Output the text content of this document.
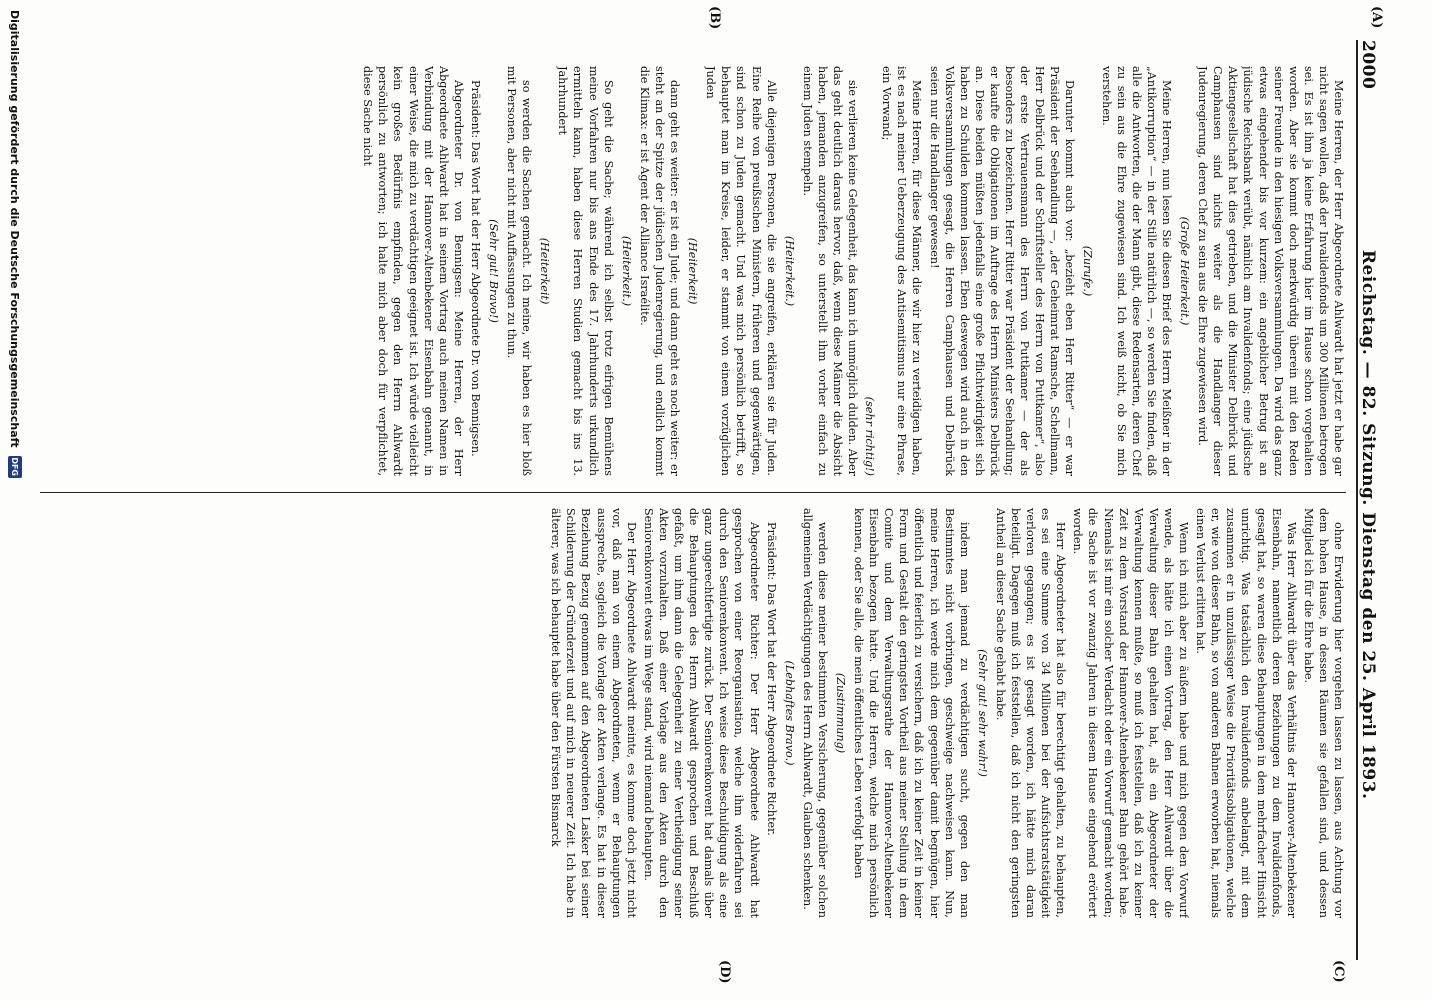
2000
Reichstag. — 82. Sitzung. Dienstag den 25. April 1893.
(A)
(C)
(B)
(D)

Meine Herren, der Herr Abgeordnete Ahlwardt hat jetzt er habe gar nicht sagen wollen, daß der Invalidenfonds um 300 Millionen betrogen sei. Es ist ihm ja keine Erfahrung hier im Hause schon vorgehalten worden. Aber sie kommt doch merkwürdig überein mit den Reden seiner Freunde in den hiesigen Volksversammlungen. Da wird das ganz etwas eingehender bis vor kurzem: ein angeblicher Betrug ist an jüdische Reichsbank verübt, nämlich am Invalidenfonds; eine jüdische Aktiengesellschaft hat dies getrieben, und die Minister Delbrück und Camphausen sind nichts weiter als die Handlanger dieser Judenregierung, deren Chef zu sein aus die Ehre zugewiesen wird.

(Große Heiterkeit.)

Meine Herren, nun lesen Sie diesen Brief des Herrn Meißner in der „Antikorruption“ — in der Stille natürlich —, so werden Sie finden, daß alle die Antworten, die der Mann gibt, diese Redensarten, deren Chef zu sein aus die Ehre zugewiesen sind. Ich weiß nicht, ob Sie mich verstehen.

(Zurufe.)

Darunter kommt auch vor: „bezieht eben Herr Ritter“ — er war Präsident der Seehandlung —, „der Geheimrat Ramsche, Schellmann, Herr Delbrück und der Schriftsteller des Herrn von Puttkamer“, also der erste Vertrauensmann des Herrn von Puttkamer — der als besonders zu bezeichnen. Herr Ritter war Präsident der Seehandlung; er kaufte die Obligationen im Auftrage des Herrn Ministers Delbrück an. Diese beiden müßten jedenfalls eine große Pflichtwidrigkeit sich haben zu Schulden kommen lassen. Eben deswegen wird auch in den Volksversammlungen gesagt, die Herren Camphausen und Delbrück seien nur die Handlanger gewesen!

Meine Herren, für diese Männer, die wir hier zu verteidigen haben, ist es nach meiner Ueberzeugung des Antisemitismus nur eine Phrase, ein Vorwand;

(sehr richtig!)

sie verlieren keine Gelegenheit, das kann ich unmöglich dulden. Aber das geht deutlich daraus hervor, daß, wenn diese Männer die Absicht haben, jemanden anzugreifen, so unterstellt ihm vorher einfach zu einem Juden stempeln.

(Heiterkeit.)

Alle diejenigen Personen, die sie angreifen, erklären sie für Juden. Eine Reihe von preußischen Ministern, früheren und gegenwärtigen, sind schon zu Juden gemacht. Und was mich persönlich betrifft, so behauptet man im Kreise, leider, er stammt von einem vorzüglichen Juden

(Heiterkeit)

dann geht es weiter: er ist ein Jude; und dann geht es noch weiter: er steht an der Spitze der jüdischen Judenregierung, und endlich kommt die Klimax: er ist Agent der Alliance Israélite.

(Heiterkeit.)

So geht die Sache; während ich selbst trotz eifrigen Bemühens meine Vorfahren nur bis ans Ende des 17. Jahrhunderts urkundlich ermitteln kann, haben diese Herren Studien gemacht bis ins 13. Jahrhundert

(Heiterkeit)

so werden die Sachen gemacht. Ich meine, wir haben es hier bloß mit Personen, aber nicht mit Auffassungen zu thun.

(Sehr gut! Bravo!)

Präsident: Das Wort hat der Herr Abgeordnete Dr. von Bennigsen.

Abgeordneter Dr. von Bennigsen: Meine Herren, der Herr Abgeordnete Ahlwardt hat in seinem Vortrag auch meinen Namen in Verbindung mit der Hannover-Altenbekener Eisenbahn genannt, in einer Weise, die mich zu verdächtigen geeignet ist. Ich würde vielleicht kein großes Bedürfnis empfinden, gegen den Herrn Ahlwardt persönlich zu antworten; ich halte mich aber doch für verpflichtet, diese Sache nicht

ohne Erwiderung hier vorgehen lassen zu lassen, aus Achtung vor dem hohen Hause, in dessen Räumen sie gefallen sind, und dessen Mitglied ich für die Ehre habe.

Was Herr Ahlwardt über das Verhältnis der Hannover-Altenbekener Eisenbahn, namentlich deren Beziehungen zu dem Invalidenfonds, gesagt hat, so waren diese Behauptungen in dem mehrfacher Hinsicht unrichtig. Was tatsächlich den Invalidenfonds anbelangt, mit dem zusammen er in unzulässiger Weise die Prioritätsobligationen, welche er, wie von dieser Bahn, so von anderen Bahnen erworben hat, niemals einen Verlust erlitten hat.

Wenn ich mich aber zu äußern habe und mich gegen den Vorwurf wende, als hätte ich einen Vortrag, den Herr Ahlwardt über die Verwaltung dieser Bahn gehalten hat, als ein Abgeordneter der Verwaltung kennen mußte, so muß ich feststellen, daß ich zu keiner Zeit zu dem Vorstand der Hannover-Altenbekener Bahn gehört habe. Niemals ist mir ein solcher Verdacht oder ein Vorwurf gemacht worden; die Sache ist vor zwanzig Jahren in diesem Hause eingehend erörtert worden.

Herr Abgeordneter hat also für berechtigt gehalten, zu behaupten, es sei eine Summe von 34 Millionen bei der Aufsichtsratstätigkeit verloren gegangen; es ist gesagt worden, ich hätte mich daran beteiligt. Dagegen muß ich feststellen, daß ich nicht den geringsten Antheil an dieser Sache gehabt habe.

(Sehr gut! sehr wahr!)

indem man jemand zu verdächtigen sucht, gegen den man Bestimmtes nicht vorbringen, geschweige nachweisen kann. Nun, meine Herren, ich werde mich dem gegenüber damit begnügen, hier öffentlich und feierlich zu versichern, daß ich zu keiner Zeit in keiner Form und Gestalt den geringsten Vortheil aus meiner Stellung in dem Comite und dem Verwaltungsrathe der Hannover-Altenbekener Eisenbahn bezogen hatte. Und die Herren, welche mich persönlich kennen, oder Sie alle, die mein öffentliches Leben verfolgt haben

(Zustimmung)

werden diese meiner bestimmten Versicherung, gegenüber solchen allgemeinen Verdächtigungen des Herrn Ahlwardt, Glauben schenken.

(Lebhaftes Bravo.)

Präsident: Das Wort hat der Herr Abgeordnete Richter.

Abgeordneter Richter: Der Herr Abgeordnete Ahlwardt hat gesprochen von einer Reorganisation, welche ihm widerfahren sei durch den Seniorenkonvent. Ich weise diese Beschuldigung als eine ganz ungerechtfertigte zurück. Der Seniorenkonvent hat damals über die Behauptungen des Herrn Ahlwardt gesprochen und Beschluß gefaßt, um ihm dann die Gelegenheit zu einer Vertheidigung seiner Akten vorzuhalten. Daß einer Vorlage aus den Akten durch den Seniorenkonvent etwas im Wege stand, wird niemand behaupten.

Der Herr Abgeordnete Ahlwardt meinte, es komme doch jetzt nicht vor, daß man von einem Abgeordneten, wenn er Behauptungen ausspreche, sogleich die Vorlage der Akten verlange. Es hat in dieser Beziehung Bezug genommen auf den Abgeordneten Lasker bei seiner Schilderung der Gründerzeit und auf mich in neuerer Zeit. Ich habe in älterer, was ich behauptet habe über den Fürsten Bismarck

Digitalisierung gefördert durch die Deutsche Forschungsgemeinschaft
DFG
